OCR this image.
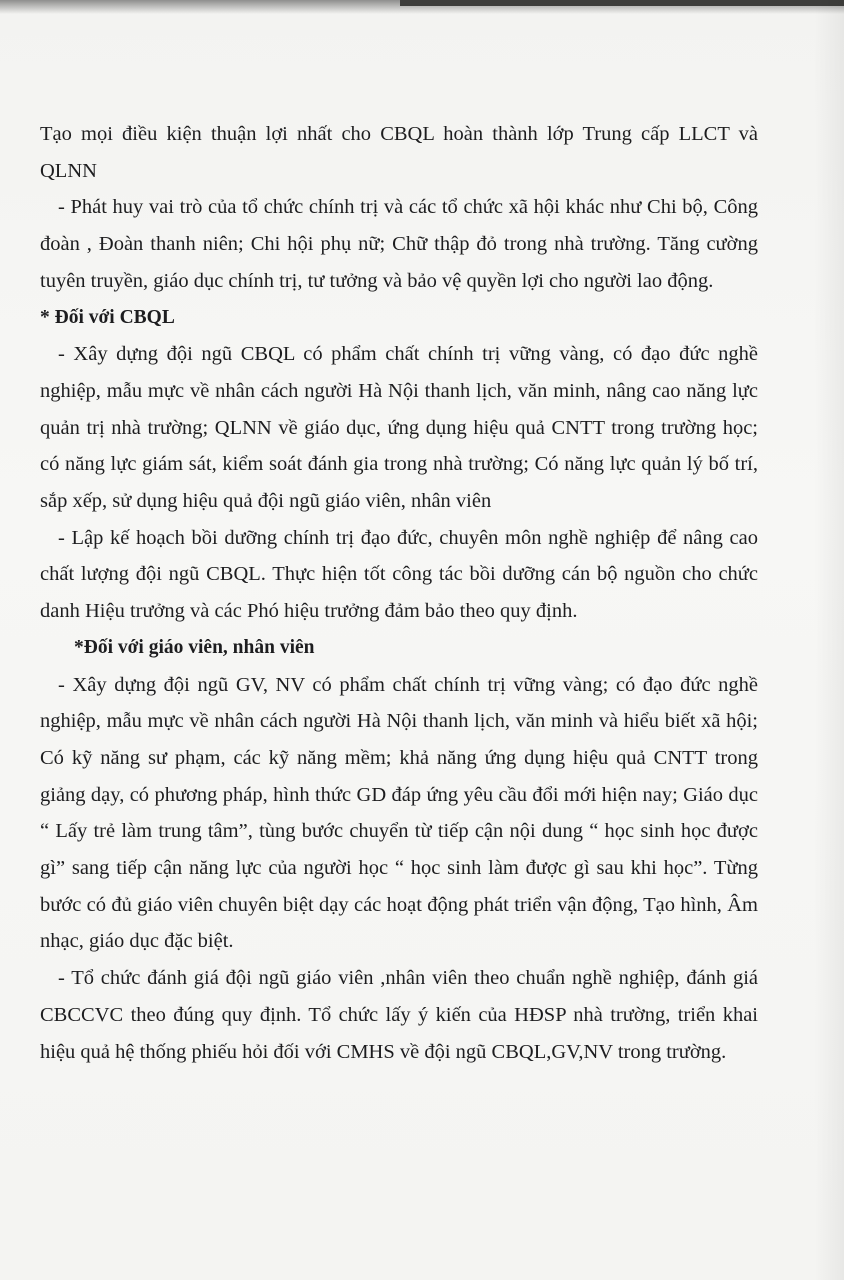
Tạo mọi điều kiện thuận lợi nhất cho CBQL hoàn thành lớp Trung cấp LLCT và QLNN

- Phát huy vai trò của tổ chức chính trị và các tổ chức xã hội khác như Chi bộ, Công đoàn , Đoàn thanh niên; Chi hội phụ nữ; Chữ thập đỏ trong nhà trường. Tăng cường tuyên truyền, giáo dục chính trị, tư tưởng và bảo vệ quyền lợi cho người lao động.

* Đối với CBQL

- Xây dựng đội ngũ CBQL có phẩm chất chính trị vững vàng, có đạo đức nghề nghiệp, mẫu mực về nhân cách người Hà Nội thanh lịch, văn minh, nâng cao năng lực quản trị nhà trường; QLNN về giáo dục, ứng dụng hiệu quả CNTT trong trường học; có năng lực giám sát, kiểm soát đánh gia trong nhà trường; Có năng lực quản lý bố trí, sắp xếp, sử dụng hiệu quả đội ngũ giáo viên, nhân viên

- Lập kế hoạch bồi dưỡng chính trị đạo đức, chuyên môn nghề nghiệp để nâng cao chất lượng đội ngũ CBQL. Thực hiện tốt công tác bồi dưỡng cán bộ nguồn cho chức danh Hiệu trưởng và các Phó hiệu trưởng đảm bảo theo quy định.

*Đối với giáo viên, nhân viên

- Xây dựng đội ngũ GV, NV có phẩm chất chính trị vững vàng; có đạo đức nghề nghiệp, mẫu mực về nhân cách người Hà Nội thanh lịch, văn minh và hiểu biết xã hội; Có kỹ năng sư phạm, các kỹ năng mềm; khả năng ứng dụng hiệu quả CNTT trong giảng dạy, có phương pháp, hình thức GD đáp ứng yêu cầu đổi mới hiện nay; Giáo dục “ Lấy trẻ làm trung tâm”, tùng bước chuyển từ tiếp cận nội dung “ học sinh học được gì” sang tiếp cận năng lực của người học “ học sinh làm được gì sau khi học”. Từng bước có đủ giáo viên chuyên biệt dạy các hoạt động phát triển vận động, Tạo hình, Âm nhạc, giáo dục đặc biệt.

- Tổ chức đánh giá đội ngũ giáo viên ,nhân viên theo chuẩn nghề nghiệp, đánh giá CBCCVC theo đúng quy định. Tổ chức lấy ý kiến của HĐSP nhà trường, triển khai hiệu quả hệ thống phiếu hỏi đối với CMHS về đội ngũ CBQL,GV,NV trong trường.
